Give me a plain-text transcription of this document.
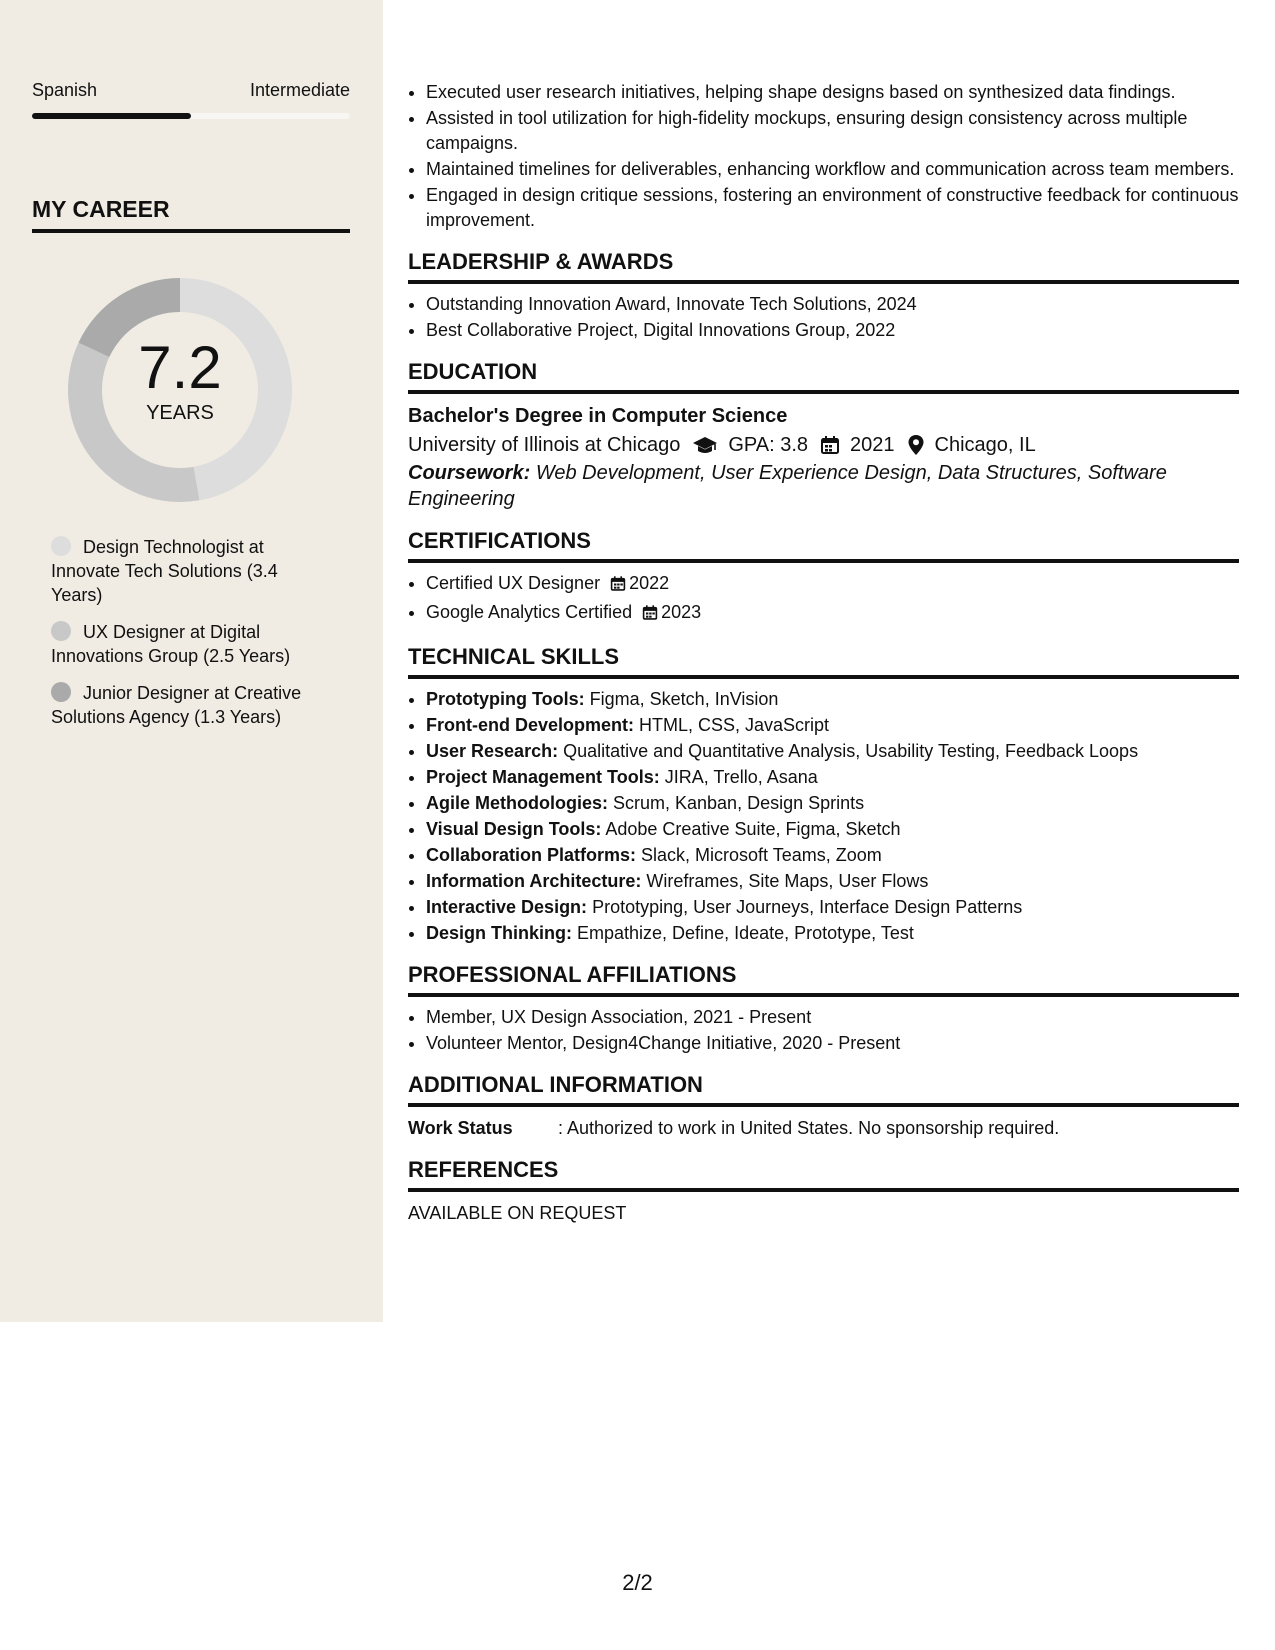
Spanish	Intermediate
MY CAREER
7.2
YEARS
Design Technologist at Innovate Tech Solutions (3.4 Years)
UX Designer at Digital Innovations Group (2.5 Years)
Junior Designer at Creative Solutions Agency (1.3 Years)
• Executed user research initiatives, helping shape designs based on synthesized data findings.
• Assisted in tool utilization for high-fidelity mockups, ensuring design consistency across multiple campaigns.
• Maintained timelines for deliverables, enhancing workflow and communication across team members.
• Engaged in design critique sessions, fostering an environment of constructive feedback for continuous improvement.
LEADERSHIP & AWARDS
• Outstanding Innovation Award, Innovate Tech Solutions, 2024
• Best Collaborative Project, Digital Innovations Group, 2022
EDUCATION
Bachelor's Degree in Computer Science
University of Illinois at Chicago GPA: 3.8 2021 Chicago, IL
Coursework: Web Development, User Experience Design, Data Structures, Software Engineering
CERTIFICATIONS
• Certified UX Designer 2022
• Google Analytics Certified 2023
TECHNICAL SKILLS
• Prototyping Tools: Figma, Sketch, InVision
• Front-end Development: HTML, CSS, JavaScript
• User Research: Qualitative and Quantitative Analysis, Usability Testing, Feedback Loops
• Project Management Tools: JIRA, Trello, Asana
• Agile Methodologies: Scrum, Kanban, Design Sprints
• Visual Design Tools: Adobe Creative Suite, Figma, Sketch
• Collaboration Platforms: Slack, Microsoft Teams, Zoom
• Information Architecture: Wireframes, Site Maps, User Flows
• Interactive Design: Prototyping, User Journeys, Interface Design Patterns
• Design Thinking: Empathize, Define, Ideate, Prototype, Test
PROFESSIONAL AFFILIATIONS
• Member, UX Design Association, 2021 - Present
• Volunteer Mentor, Design4Change Initiative, 2020 - Present
ADDITIONAL INFORMATION
Work Status	: Authorized to work in United States. No sponsorship required.
REFERENCES
AVAILABLE ON REQUEST
2/2
